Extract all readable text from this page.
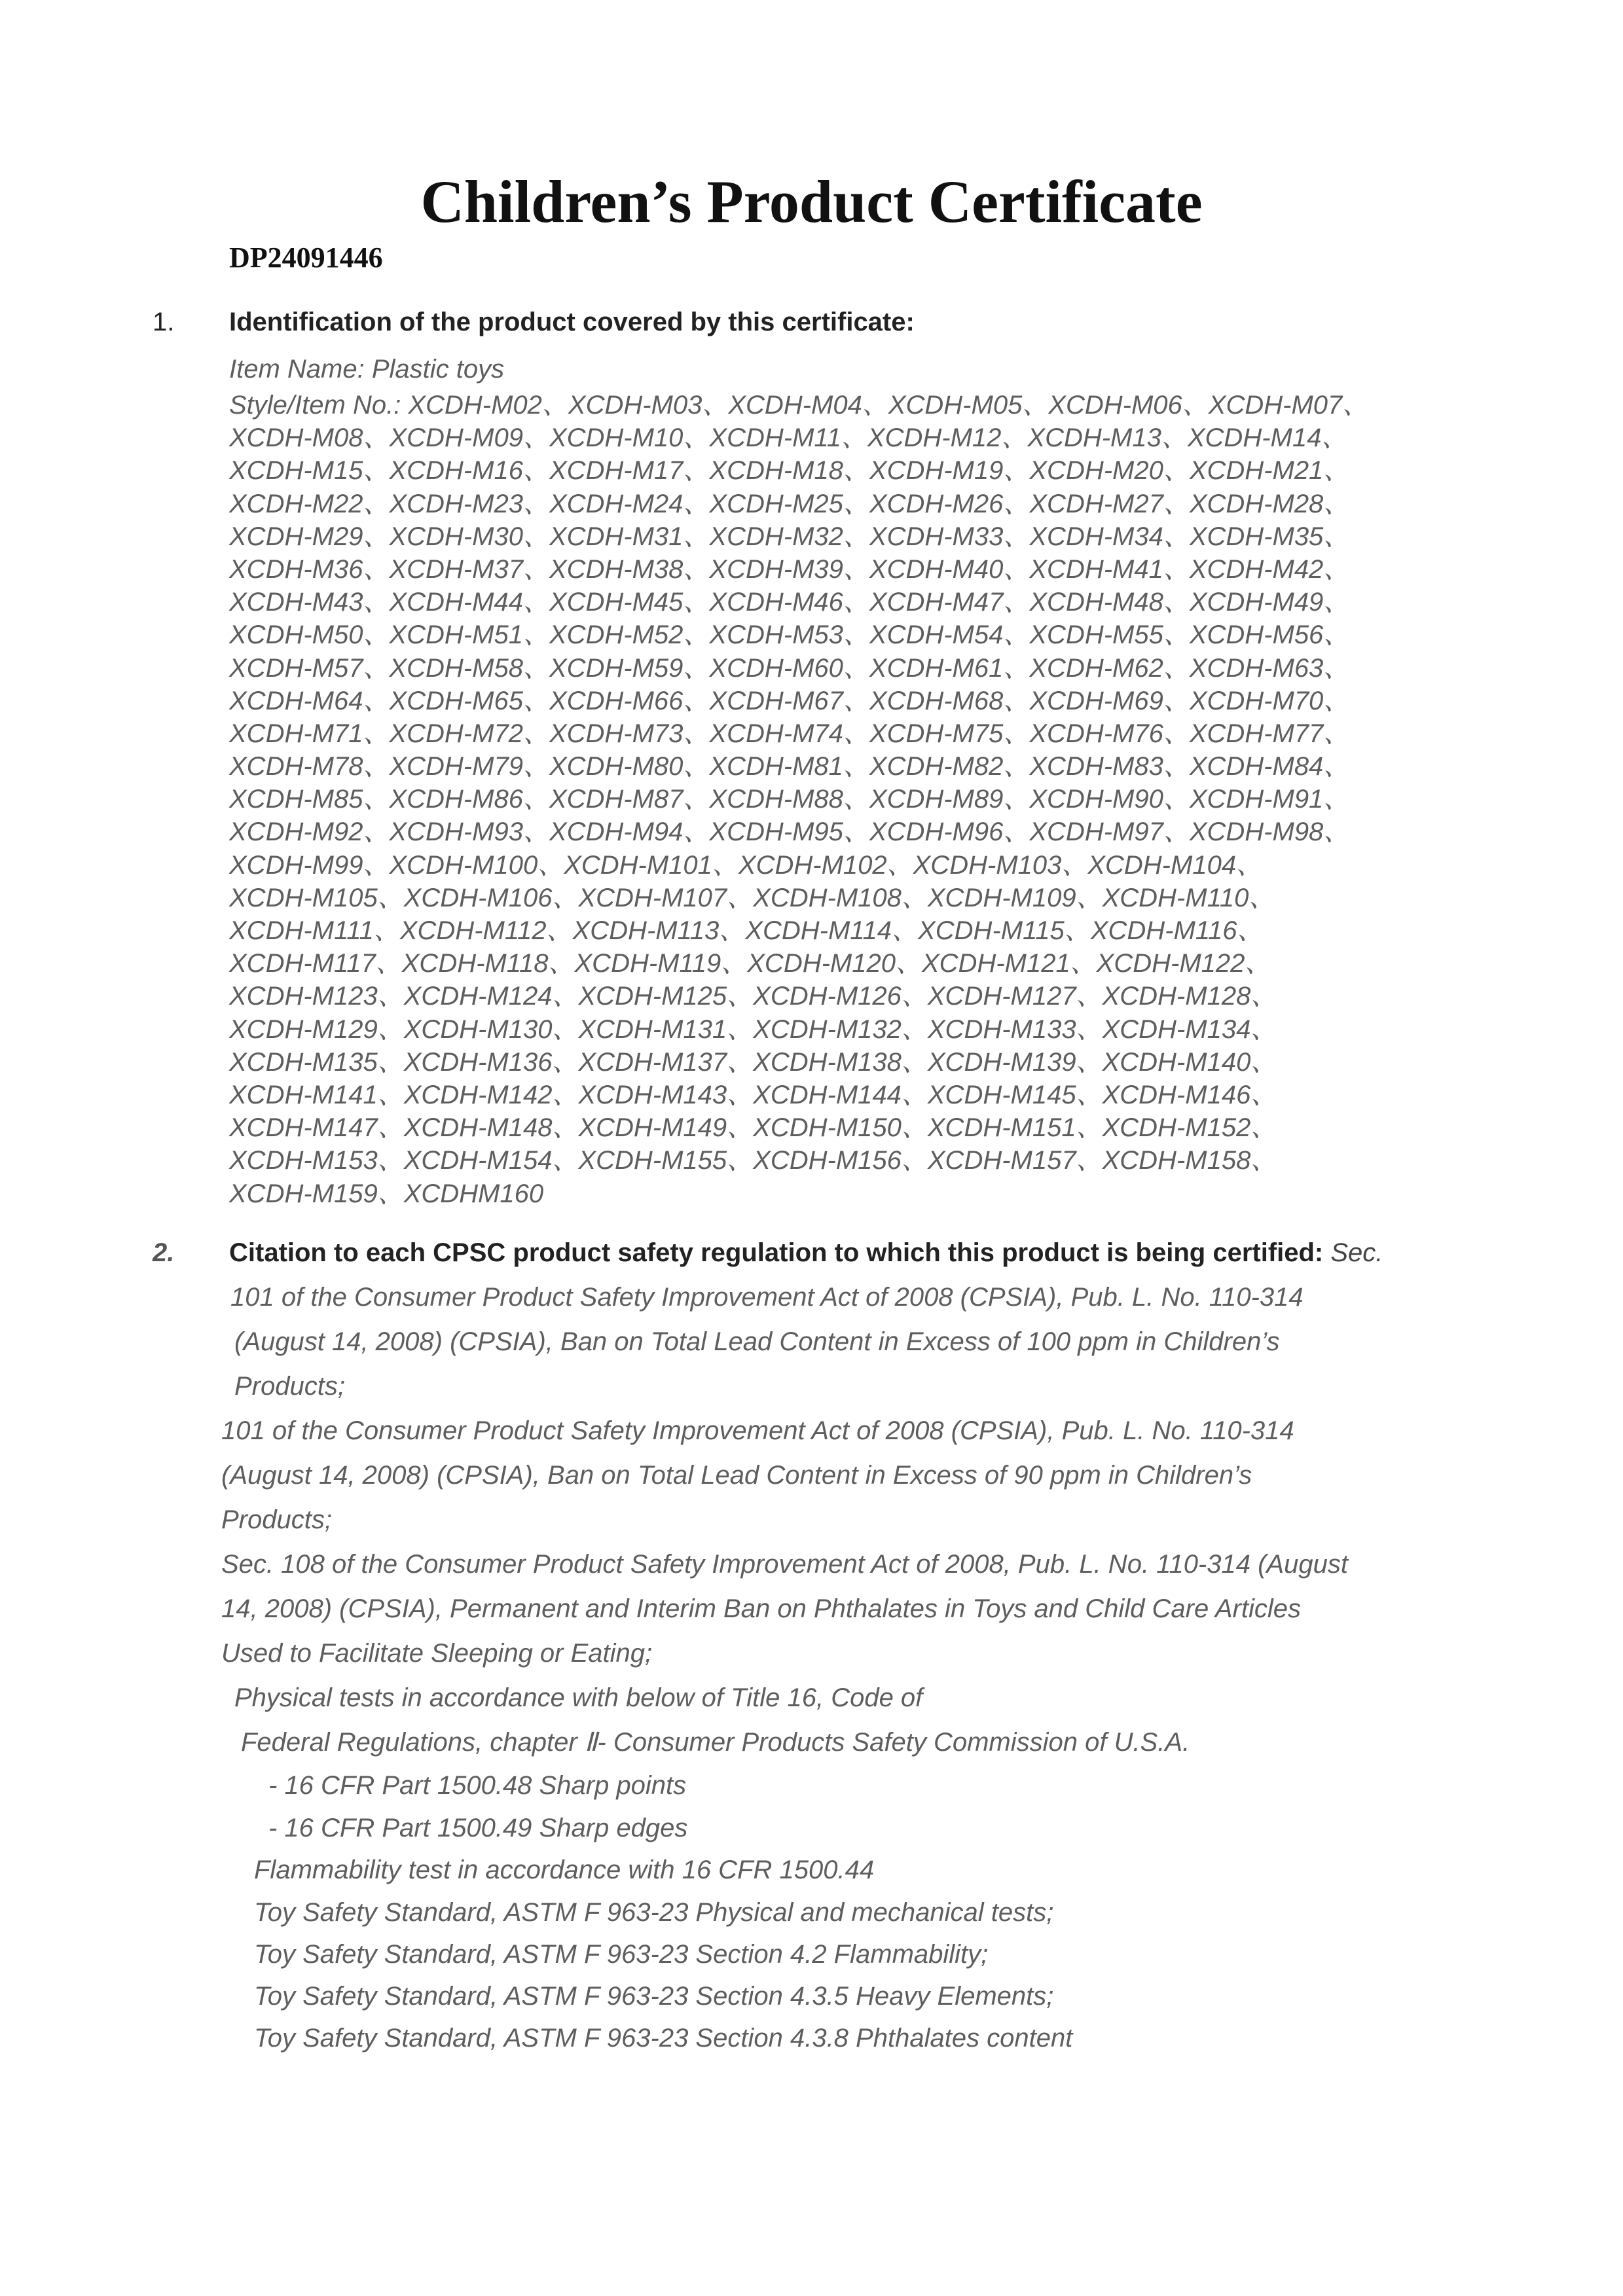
Children’s Product Certificate
DP24091446
1. Identification of the product covered by this certificate:
Item Name: Plastic toys
Style/Item No.: XCDH-M02、XCDH-M03、XCDH-M04、XCDH-M05、XCDH-M06、XCDH-M07、
XCDH-M08、XCDH-M09、XCDH-M10、XCDH-M11、XCDH-M12、XCDH-M13、XCDH-M14、
XCDH-M15、XCDH-M16、XCDH-M17、XCDH-M18、XCDH-M19、XCDH-M20、XCDH-M21、
XCDH-M22、XCDH-M23、XCDH-M24、XCDH-M25、XCDH-M26、XCDH-M27、XCDH-M28、
XCDH-M29、XCDH-M30、XCDH-M31、XCDH-M32、XCDH-M33、XCDH-M34、XCDH-M35、
XCDH-M36、XCDH-M37、XCDH-M38、XCDH-M39、XCDH-M40、XCDH-M41、XCDH-M42、
XCDH-M43、XCDH-M44、XCDH-M45、XCDH-M46、XCDH-M47、XCDH-M48、XCDH-M49、
XCDH-M50、XCDH-M51、XCDH-M52、XCDH-M53、XCDH-M54、XCDH-M55、XCDH-M56、
XCDH-M57、XCDH-M58、XCDH-M59、XCDH-M60、XCDH-M61、XCDH-M62、XCDH-M63、
XCDH-M64、XCDH-M65、XCDH-M66、XCDH-M67、XCDH-M68、XCDH-M69、XCDH-M70、
XCDH-M71、XCDH-M72、XCDH-M73、XCDH-M74、XCDH-M75、XCDH-M76、XCDH-M77、
XCDH-M78、XCDH-M79、XCDH-M80、XCDH-M81、XCDH-M82、XCDH-M83、XCDH-M84、
XCDH-M85、XCDH-M86、XCDH-M87、XCDH-M88、XCDH-M89、XCDH-M90、XCDH-M91、
XCDH-M92、XCDH-M93、XCDH-M94、XCDH-M95、XCDH-M96、XCDH-M97、XCDH-M98、
XCDH-M99、XCDH-M100、XCDH-M101、XCDH-M102、XCDH-M103、XCDH-M104、
XCDH-M105、XCDH-M106、XCDH-M107、XCDH-M108、XCDH-M109、XCDH-M110、
XCDH-M111、XCDH-M112、XCDH-M113、XCDH-M114、XCDH-M115、XCDH-M116、
XCDH-M117、XCDH-M118、XCDH-M119、XCDH-M120、XCDH-M121、XCDH-M122、
XCDH-M123、XCDH-M124、XCDH-M125、XCDH-M126、XCDH-M127、XCDH-M128、
XCDH-M129、XCDH-M130、XCDH-M131、XCDH-M132、XCDH-M133、XCDH-M134、
XCDH-M135、XCDH-M136、XCDH-M137、XCDH-M138、XCDH-M139、XCDH-M140、
XCDH-M141、XCDH-M142、XCDH-M143、XCDH-M144、XCDH-M145、XCDH-M146、
XCDH-M147、XCDH-M148、XCDH-M149、XCDH-M150、XCDH-M151、XCDH-M152、
XCDH-M153、XCDH-M154、XCDH-M155、XCDH-M156、XCDH-M157、XCDH-M158、
XCDH-M159、XCDHM160
2. Citation to each CPSC product safety regulation to which this product is being certified: Sec.
101 of the Consumer Product Safety Improvement Act of 2008 (CPSIA), Pub. L. No. 110-314
(August 14, 2008) (CPSIA), Ban on Total Lead Content in Excess of 100 ppm in Children’s
Products;
101 of the Consumer Product Safety Improvement Act of 2008 (CPSIA), Pub. L. No. 110-314
(August 14, 2008) (CPSIA), Ban on Total Lead Content in Excess of 90 ppm in Children’s
Products;
Sec. 108 of the Consumer Product Safety Improvement Act of 2008, Pub. L. No. 110-314 (August
14, 2008) (CPSIA), Permanent and Interim Ban on Phthalates in Toys and Child Care Articles
Used to Facilitate Sleeping or Eating;
Physical tests in accordance with below of Title 16, Code of
Federal Regulations, chapter Ⅱ- Consumer Products Safety Commission of U.S.A.
- 16 CFR Part 1500.48 Sharp points
- 16 CFR Part 1500.49 Sharp edges
Flammability test in accordance with 16 CFR 1500.44
Toy Safety Standard, ASTM F 963-23 Physical and mechanical tests;
Toy Safety Standard, ASTM F 963-23 Section 4.2 Flammability;
Toy Safety Standard, ASTM F 963-23 Section 4.3.5 Heavy Elements;
Toy Safety Standard, ASTM F 963-23 Section 4.3.8 Phthalates content
